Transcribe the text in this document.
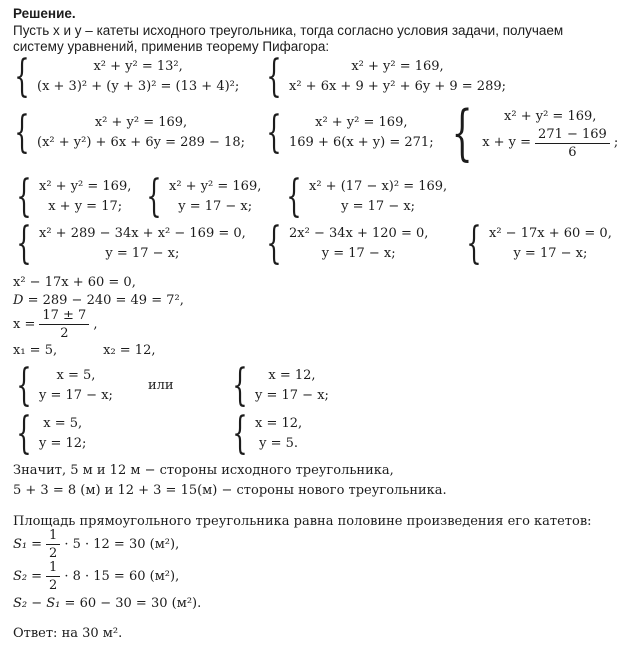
Решение.
Пусть x и y – катеты исходного треугольника, тогда согласно условия задачи, получаем
систему уравнений, применив теорему Пифагора:
{	x² + y² = 13²,
(x + 3)² + (y + 3)² = (13 + 4)²; {	x² + y² = 169,
x² + 6x + 9 + y² + 6y + 9 = 289;
{	x² + y² = 169,
(x² + y²) + 6x + 6y = 289 − 18; {	x² + y² = 169,
169 + 6(x + y) = 271; { x² + y² = 169,
$x + y = \frac{271 - 169}{6}$ ;
{ x² + y² = 169,
x + y = 17; { x² + y² = 169,
y = 17 − x; { x² + (17 − x)² = 169,
y = 17 − x;
{ x² + 289 − 34x + x² − 169 = 0,
y = 17 − x; { 2x² − 34x + 120 = 0,
y = 17 − x; { x² − 17x + 60 = 0,
y = 17 − x;
x² − 17x + 60 = 0,
D = 289 − 240 = 49 = 7²,
$x = \frac{17 \pm 7}{2}$ ,
x₁ = 5,	x₂ = 12,
{ x = 5,
y = 17 − x;
или { x = 12,
y = 17 − x;
{ x = 5,
y = 12;	{ x = 12,
y = 5.
Значит, 5 м и 12 м − стороны исходного треугольника,
5 + 3 = 8 (м) и 12 + 3 = 15(м) − стороны нового треугольника.
Площадь прямоугольного треугольника равна половине произведения его катетов:
$S_1 = \frac{1}{2} \cdot 5 \cdot 12 = 30$ (м²),
$S_2 = \frac{1}{2} \cdot 8 \cdot 15 = 60$ (м²),
S₂ − S₁ = 60 − 30 = 30 (м²).
Ответ: на 30 м².
